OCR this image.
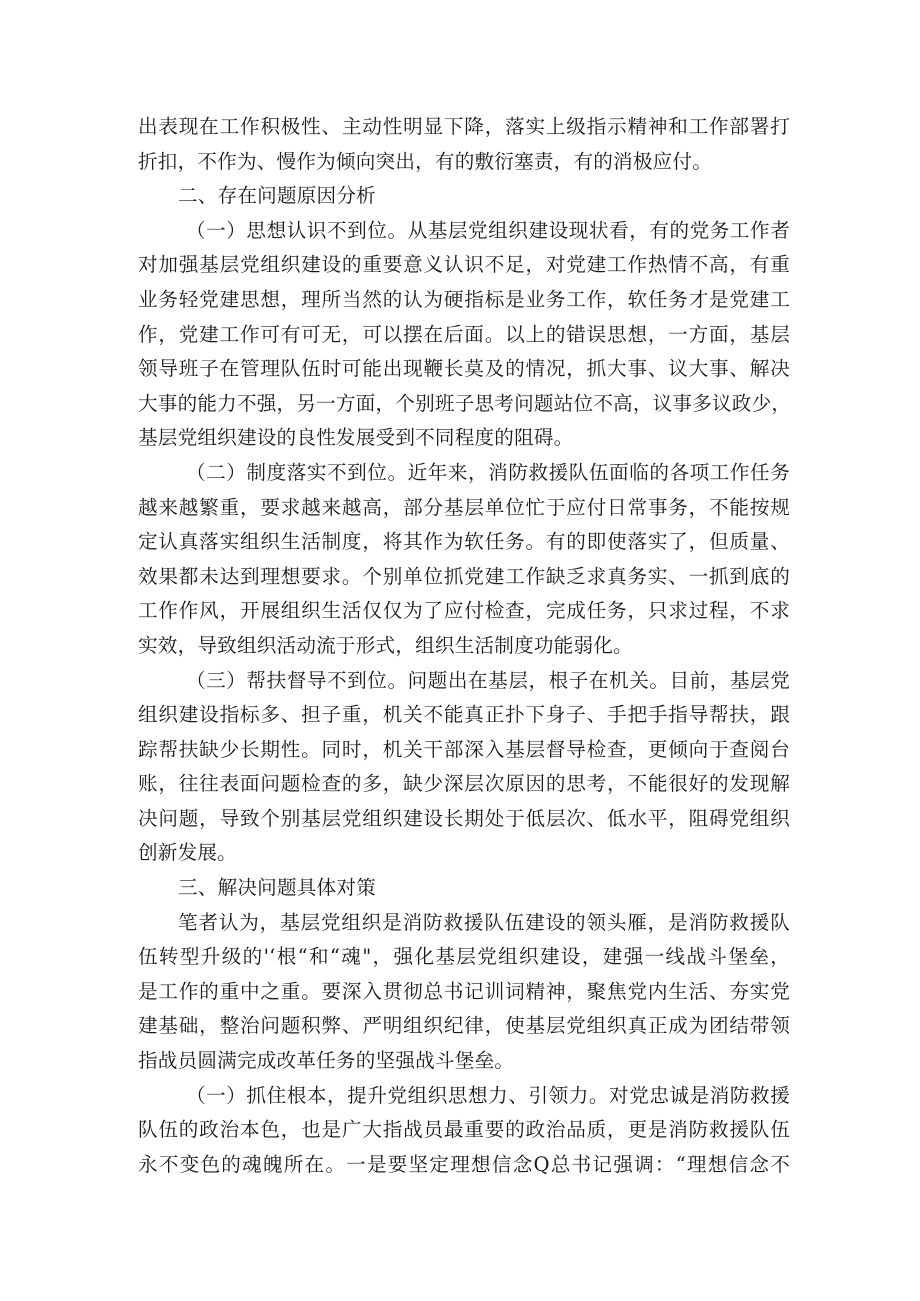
出表现在工作积极性、主动性明显下降，落实上级指示精神和工作部署打
折扣，不作为、慢作为倾向突出，有的敷衍塞责，有的消极应付。
二、存在问题原因分析
（一）思想认识不到位。从基层党组织建设现状看，有的党务工作者
对加强基层党组织建设的重要意义认识不足，对党建工作热情不高，有重
业务轻党建思想，理所当然的认为硬指标是业务工作，软任务才是党建工
作，党建工作可有可无，可以摆在后面。以上的错误思想，一方面，基层
领导班子在管理队伍时可能出现鞭长莫及的情况，抓大事、议大事、解决
大事的能力不强，另一方面，个别班子思考问题站位不高，议事多议政少，
基层党组织建设的良性发展受到不同程度的阻碍。
（二）制度落实不到位。近年来，消防救援队伍面临的各项工作任务
越来越繁重，要求越来越高，部分基层单位忙于应付日常事务，不能按规
定认真落实组织生活制度，将其作为软任务。有的即使落实了，但质量、
效果都未达到理想要求。个别单位抓党建工作缺乏求真务实、一抓到底的
工作作风，开展组织生活仅仅为了应付检查，完成任务，只求过程，不求
实效，导致组织活动流于形式，组织生活制度功能弱化。
（三）帮扶督导不到位。问题出在基层，根子在机关。目前，基层党
组织建设指标多、担子重，机关不能真正扑下身子、手把手指导帮扶，跟
踪帮扶缺少长期性。同时，机关干部深入基层督导检查，更倾向于查阅台
账，往往表面问题检查的多，缺少深层次原因的思考，不能很好的发现解
决问题，导致个别基层党组织建设长期处于低层次、低水平，阻碍党组织
创新发展。
三、解决问题具体对策
笔者认为，基层党组织是消防救援队伍建设的领头雁，是消防救援队
伍转型升级的'‘根“和“魂"，强化基层党组织建设，建强一线战斗堡垒，
是工作的重中之重。要深入贯彻总书记训词精神，聚焦党内生活、夯实党
建基础，整治问题积弊、严明组织纪律，使基层党组织真正成为团结带领
指战员圆满完成改革任务的坚强战斗堡垒。
（一）抓住根本，提升党组织思想力、引领力。对党忠诚是消防救援
队伍的政治本色，也是广大指战员最重要的政治品质，更是消防救援队伍
永不变色的魂魄所在。一是要坚定理想信念Q总书记强调：“理想信念不
